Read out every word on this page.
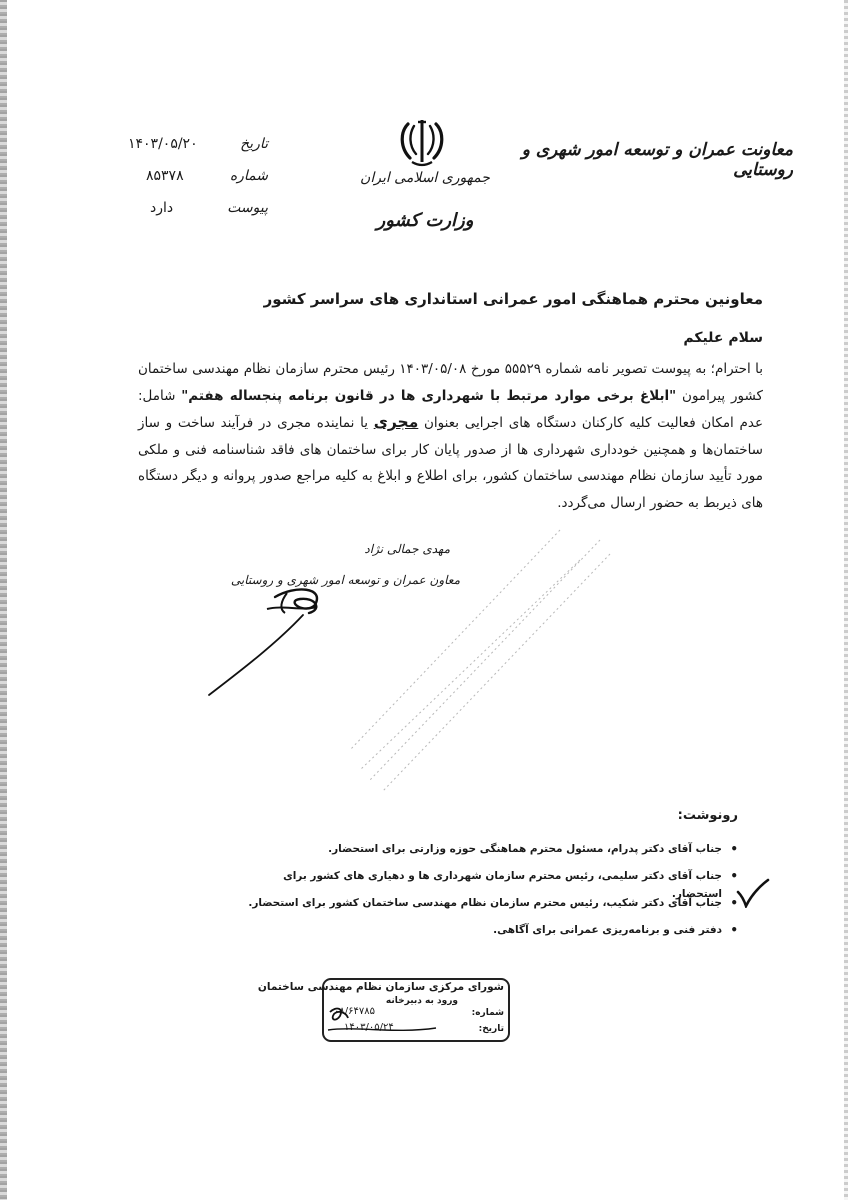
معاونت عمران و توسعه امور شهری و روستایی
جمهوری اسلامی ایران
وزارت کشور
تاریخ
۱۴۰۳/۰۵/۲۰
شماره
۸۵۳۷۸
پیوست
دارد
معاونین محترم هماهنگی امور عمرانی استانداری های سراسر کشور
سلام علیکم
با احترام؛ به پیوست تصویر نامه شماره ۵۵۵۲۹ مورخ ۱۴۰۳/۰۵/۰۸ رئیس محترم سازمان نظام مهندسی ساختمان کشور پیرامون "ابلاغ برخی موارد مرتبط با شهرداری ها در قانون برنامه پنجساله هفتم" شامل: عدم امکان فعالیت کلیه کارکنان دستگاه های اجرایی بعنوان مجری یا نماینده مجری در فرآیند ساخت و ساز ساختمان‌ها و همچنین خودداری شهرداری ها از صدور پایان کار برای ساختمان های فاقد شناسنامه فنی و ملکی مورد تأیید سازمان نظام مهندسی ساختمان کشور، برای اطلاع و ابلاغ به کلیه مراجع صدور پروانه و دیگر دستگاه های ذیربط به حضور ارسال می‌گردد.
مهدی جمالی نژاد
معاون عمران و توسعه امور شهری و روستایی
رونوشت:
• جناب آقای دکتر پدرام، مسئول محترم هماهنگی حوزه وزارتی برای استحضار.
• جناب آقای دکتر سلیمی، رئیس محترم سازمان شهرداری ها و دهیاری های کشور برای استحضار.
• جناب آقای دکتر شکیب، رئیس محترم سازمان نظام مهندسی ساختمان کشور برای استحضار.
• دفتر فنی و برنامه‌ریزی عمرانی برای آگاهی.
شورای مرکزی سازمان نظام مهندسی ساختمان
ورود به دبیرخانه
شماره:
۰۸/۶۴۷۸۵
تاریخ:
۱۴۰۳/۰۵/۲۴
